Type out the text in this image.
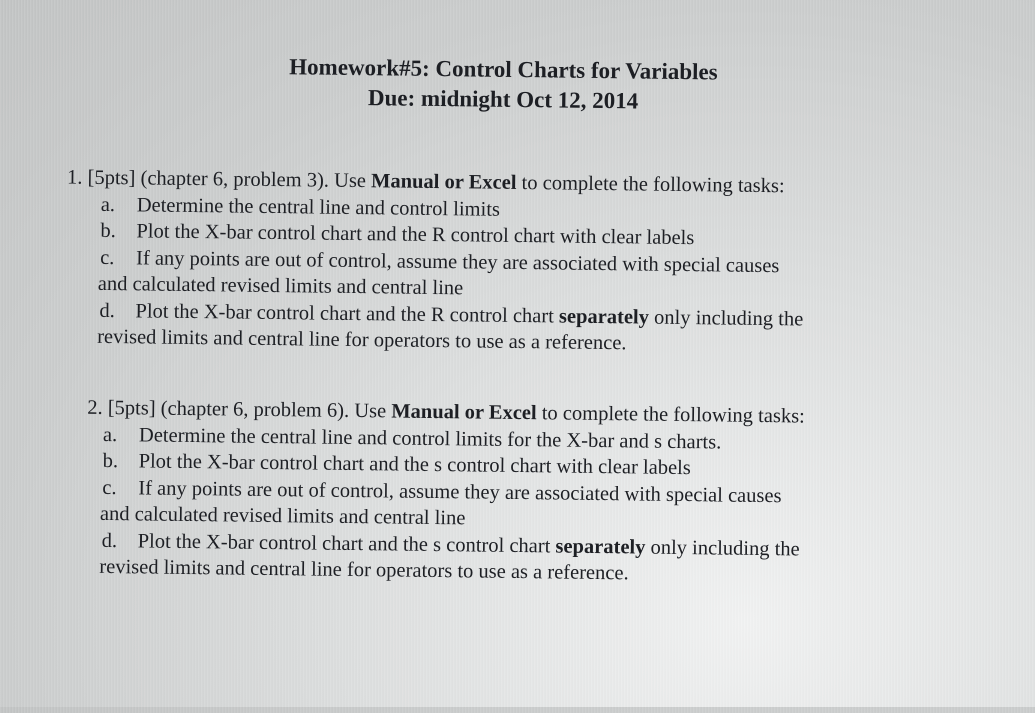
Homework#5: Control Charts for Variables
Due: midnight Oct 12, 2014
1. [5pts] (chapter 6, problem 3). Use Manual or Excel to complete the following tasks:
a. Determine the central line and control limits
b. Plot the X-bar control chart and the R control chart with clear labels
c. If any points are out of control, assume they are associated with special causes
and calculated revised limits and central line
d. Plot the X-bar control chart and the R control chart separately only including the
revised limits and central line for operators to use as a reference.
2. [5pts] (chapter 6, problem 6). Use Manual or Excel to complete the following tasks:
a. Determine the central line and control limits for the X-bar and s charts.
b. Plot the X-bar control chart and the s control chart with clear labels
c. If any points are out of control, assume they are associated with special causes
and calculated revised limits and central line
d. Plot the X-bar control chart and the s control chart separately only including the
revised limits and central line for operators to use as a reference.
